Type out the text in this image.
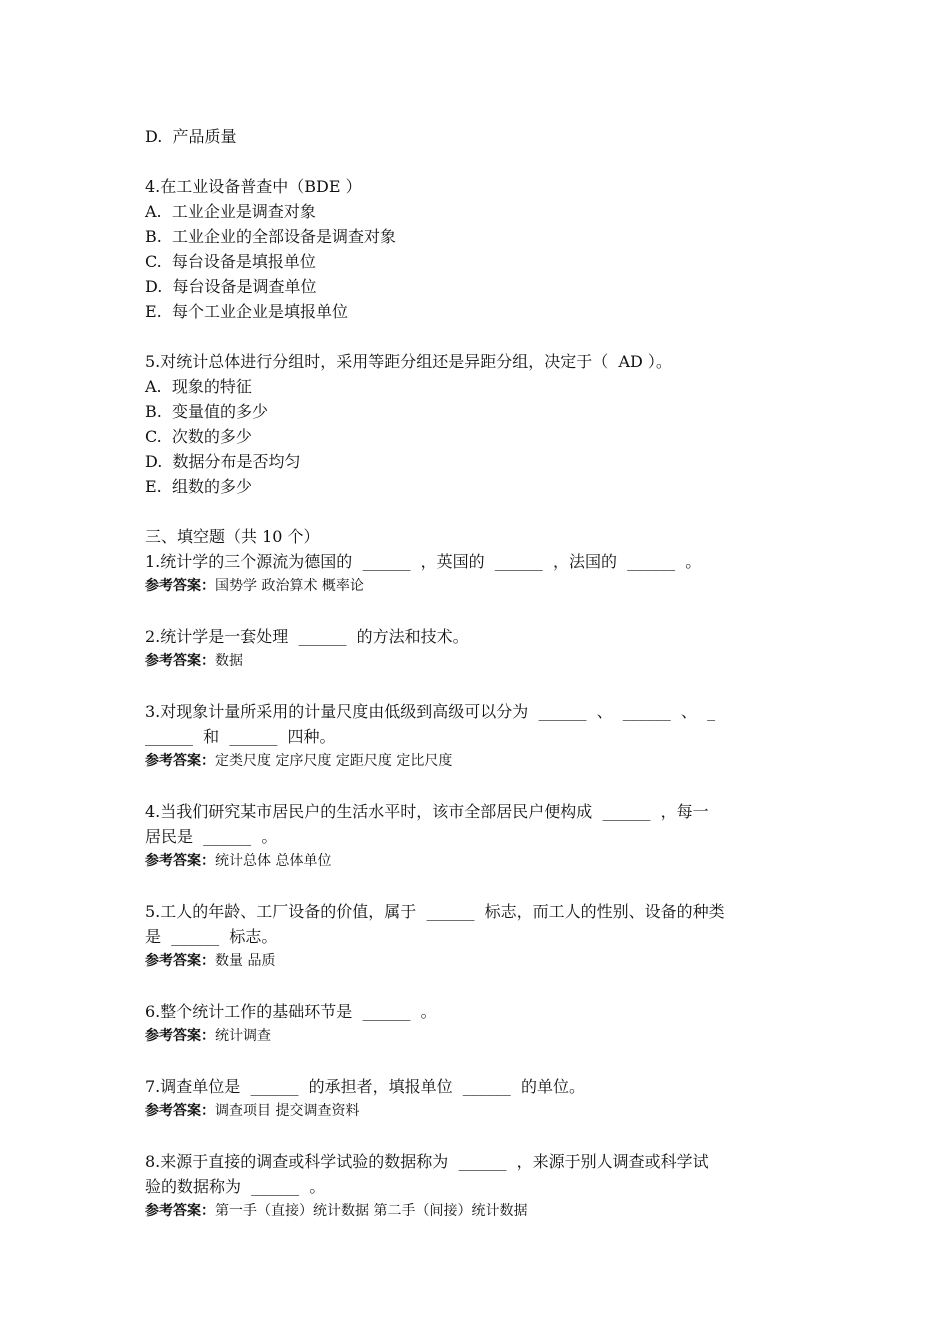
D.  产品质量
4.在工业设备普查中（BDE ）
A.  工业企业是调查对象
B.  工业企业的全部设备是调查对象
C.  每台设备是填报单位
D.  每台设备是调查单位
E.  每个工业企业是填报单位
5.对统计总体进行分组时，采用等距分组还是异距分组，决定于（  AD ）。
A.  现象的特征
B.  变量值的多少
C.  次数的多少
D.  数据分布是否均匀
E.  组数的多少
三、填空题（共 10 个）
1.统计学的三个源流为德国的  ______  ，英国的  ______  ，法国的  ______  。
参考答案：国势学 政治算术 概率论
2.统计学是一套处理  ______  的方法和技术。
参考答案：数据
3.对现象计量所采用的计量尺度由低级到高级可以分为  ______  、  ______  、  _
______  和  ______  四种。
参考答案：定类尺度 定序尺度 定距尺度 定比尺度
4.当我们研究某市居民户的生活水平时，该市全部居民户便构成  ______  ，每一
居民是  ______  。
参考答案：统计总体 总体单位
5.工人的年龄、工厂设备的价值，属于  ______  标志，而工人的性别、设备的种类
是  ______  标志。
参考答案：数量 品质
6.整个统计工作的基础环节是  ______  。
参考答案：统计调查
7.调查单位是  ______  的承担者，填报单位  ______  的单位。
参考答案：调查项目 提交调查资料
8.来源于直接的调查或科学试验的数据称为  ______  ，来源于别人调查或科学试
验的数据称为  ______  。
参考答案：第一手（直接）统计数据 第二手（间接）统计数据
